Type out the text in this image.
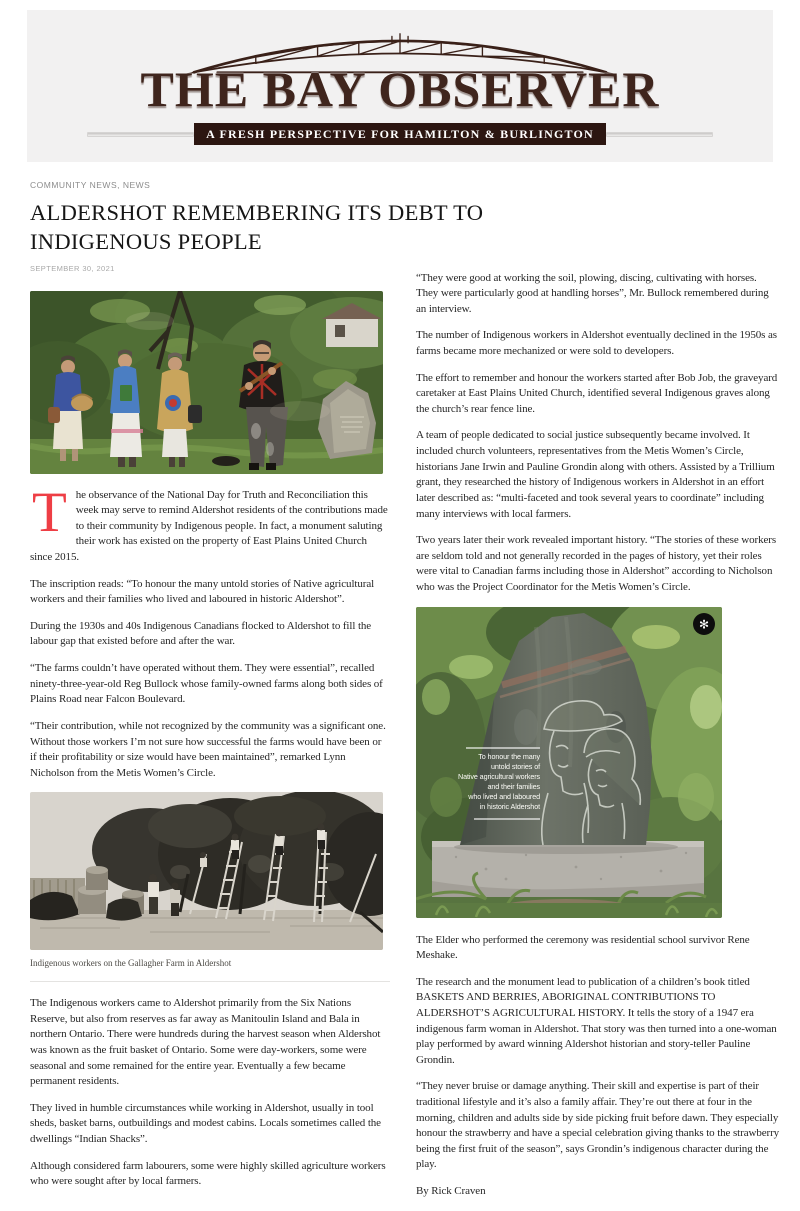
THE BAY OBSERVER
A FRESH PERSPECTIVE FOR HAMILTON & BURLINGTON
COMMUNITY NEWS, NEWS
ALDERSHOT REMEMBERING ITS DEBT TO INDIGENOUS PEOPLE
SEPTEMBER 30, 2021

The observance of the National Day for Truth and Reconciliation this week may serve to remind Aldershot residents of the contributions made to their community by Indigenous people. In fact, a monument saluting their work has existed on the property of East Plains United Church since 2015.

The inscription reads: “To honour the many untold stories of Native agricultural workers and their families who lived and laboured in historic Aldershot”.

During the 1930s and 40s Indigenous Canadians flocked to Aldershot to fill the labour gap that existed before and after the war.

“The farms couldn’t have operated without them. They were essential”, recalled ninety-three-year-old Reg Bullock whose family-owned farms along both sides of Plains Road near Falcon Boulevard.

“Their contribution, while not recognized by the community was a significant one. Without those workers I’m not sure how successful the farms would have been or if their profitability or size would have been maintained”, remarked Lynn Nicholson from the Metis Women’s Circle.

Indigenous workers on the Gallagher Farm in Aldershot

The Indigenous workers came to Aldershot primarily from the Six Nations Reserve, but also from reserves as far away as Manitoulin Island and Bala in northern Ontario. There were hundreds during the harvest season when Aldershot was known as the fruit basket of Ontario. Some were day-workers, some were seasonal and some remained for the entire year. Eventually a few became permanent residents.

They lived in humble circumstances while working in Aldershot, usually in tool sheds, basket barns, outbuildings and modest cabins. Locals sometimes called the dwellings “Indian Shacks”.

Although considered farm labourers, some were highly skilled agriculture workers who were sought after by local farmers.

“They were good at working the soil, plowing, discing, cultivating with horses. They were particularly good at handling horses”, Mr. Bullock remembered during an interview.

The number of Indigenous workers in Aldershot eventually declined in the 1950s as farms became more mechanized or were sold to developers.

The effort to remember and honour the workers started after Bob Job, the graveyard caretaker at East Plains United Church, identified several Indigenous graves along the church’s rear fence line.

A team of people dedicated to social justice subsequently became involved. It included church volunteers, representatives from the Metis Women’s Circle, historians Jane Irwin and Pauline Grondin along with others. Assisted by a Trillium grant, they researched the history of Indigenous workers in Aldershot in an effort later described as: “multi-faceted and took several years to coordinate” including many interviews with local farmers.

Two years later their work revealed important history. “The stories of these workers are seldom told and not generally recorded in the pages of history, yet their roles were vital to Canadian farms including those in Aldershot” according to Nicholson who was the Project Coordinator for the Metis Women’s Circle.

To honour the many
untold stories of
Native agricultural workers
and their families
who lived and laboured
in historic Aldershot
✻

The Elder who performed the ceremony was residential school survivor Rene Meshake.

The research and the monument lead to publication of a children’s book titled BASKETS AND BERRIES, ABORIGINAL CONTRIBUTIONS TO ALDERSHOT’S AGRICULTURAL HISTORY. It tells the story of a 1947 era indigenous farm woman in Aldershot. That story was then turned into a one-woman play performed by award winning Aldershot historian and story-teller Pauline Grondin.

“They never bruise or damage anything. Their skill and expertise is part of their traditional lifestyle and it’s also a family affair. They’re out there at four in the morning, children and adults side by side picking fruit before dawn. They especially honour the strawberry and have a special celebration giving thanks to the strawberry being the first fruit of the season”, says Grondin’s indigenous character during the play.

By Rick Craven
